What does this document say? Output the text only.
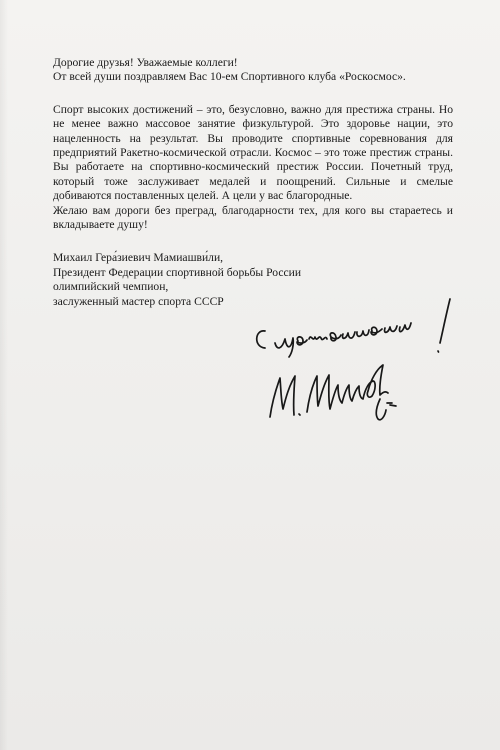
Дорогие друзья! Уважаемые коллеги!

От всей души поздравляем Вас 10-ем Спортивного клуба «Роскосмос».

Спорт высоких достижений – это, безусловно, важно для престижа страны. Но не менее важно массовое занятие физкультурой. Это здоровье нации, это нацеленность на результат. Вы проводите спортивные соревнования для предприятий Ракетно-космической отрасли. Космос – это тоже престиж страны. Вы работаете на спортивно-космический престиж России. Почетный труд, который тоже заслуживает медалей и поощрений. Сильные и смелые добиваются поставленных целей. А цели у вас благородные.

Желаю вам дороги без преград, благодарности тех, для кого вы стараетесь и вкладываете душу!

Михаил Гера́зиевич Мамиашви́ли,

Президент Федерации спортивной борьбы России

олимпийский чемпион,

заслуженный мастер спорта СССР
